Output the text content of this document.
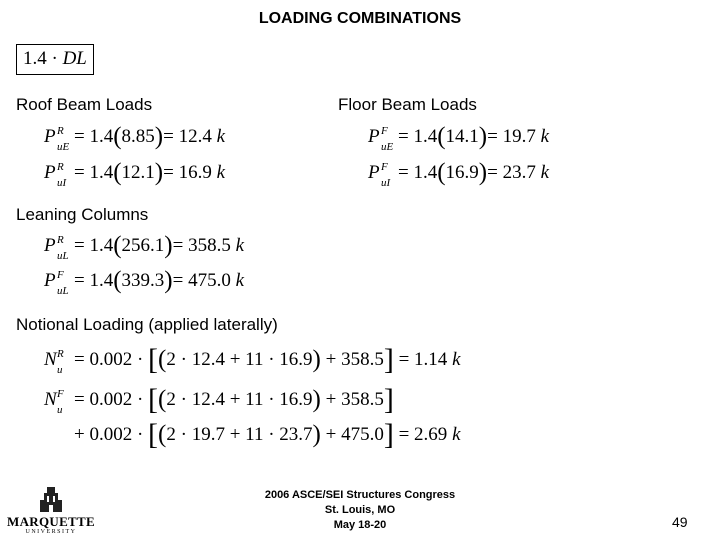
LOADING COMBINATIONS
1.4 · DL
Roof Beam Loads
P R
uE = 1.4(8.85)= 12.4 k
P R
uI = 1.4(12.1)= 16.9 k
Floor Beam Loads
P F
uE = 1.4(14.1)= 19.7 k
P F
uI = 1.4(16.9)= 23.7 k
Leaning Columns
P R
uL = 1.4(256.1)= 358.5 k
P F
uL = 1.4(339.3)= 475.0 k
Notional Loading (applied laterally)
N R
u = 0.002 · [(2 · 12.4 + 11 · 16.9) + 358.5] = 1.14 k
N F
u = 0.002 · [(2 · 12.4 + 11 · 16.9) + 358.5]
+ 0.002 · [(2 · 19.7 + 11 · 23.7) + 475.0] = 2.69 k
MARQUETTE
UNIVERSITY
2006 ASCE/SEI Structures Congress
St. Louis, MO
May 18-20	49
